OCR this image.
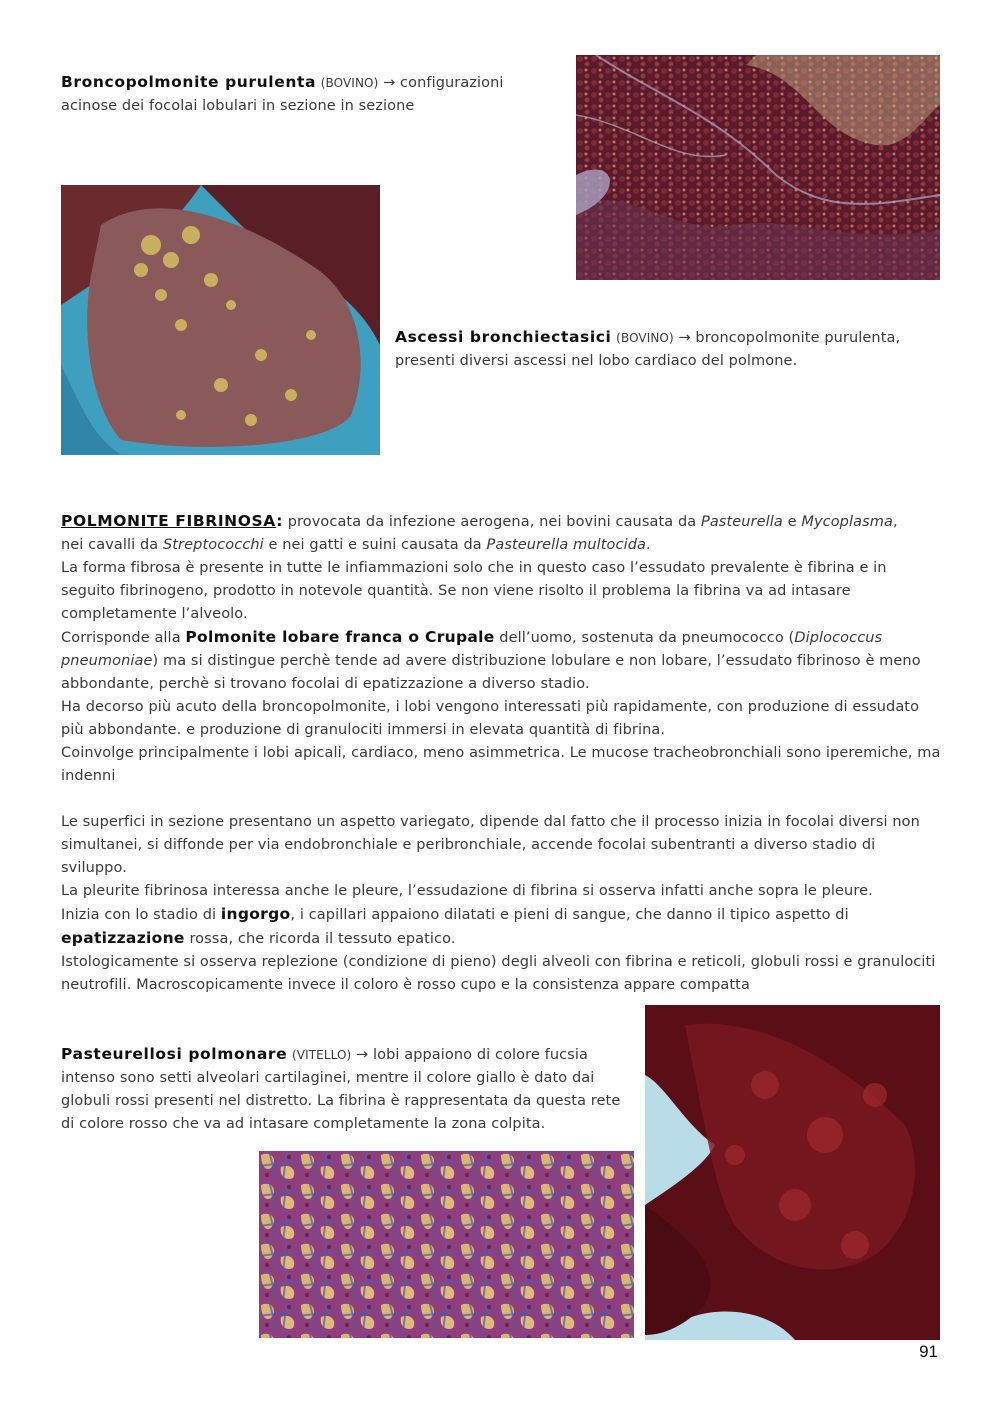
Broncopolmonite purulenta (BOVINO) → configurazioni
acinose dei focolai lobulari in sezione in sezione
Ascessi bronchiectasici (BOVINO) → broncopolmonite purulenta,
presenti diversi ascessi nel lobo cardiaco del polmone.

POLMONITE FIBRINOSA: provocata da infezione aerogena, nei bovini causata da Pasteurella e Mycoplasma,
nei cavalli da Streptococchi e nei gatti e suini causata da Pasteurella multocida.

La forma fibrosa è presente in tutte le infiammazioni solo che in questo caso l’essudato prevalente è fibrina e in seguito fibrinogeno, prodotto in notevole quantità. Se non viene risolto il problema la fibrina va ad intasare completamente l’alveolo.

Corrisponde alla Polmonite lobare franca o Crupale dell’uomo, sostenuta da pneumococco (Diplococcus pneumoniae) ma si distingue perchè tende ad avere distribuzione lobulare e non lobare, l’essudato fibrinoso è meno abbondante, perchè si trovano focolai di epatizzazione a diverso stadio.

Ha decorso più acuto della broncopolmonite, i lobi vengono interessati più rapidamente, con produzione di essudato più abbondante. e produzione di granulociti immersi in elevata quantità di fibrina.

Coinvolge principalmente i lobi apicali, cardiaco, meno asimmetrica. Le mucose tracheobronchiali sono iperemiche, ma indenni

Le superfici in sezione presentano un aspetto variegato, dipende dal fatto che il processo inizia in focolai diversi non simultanei, si diffonde per via endobronchiale e peribronchiale, accende focolai subentranti a diverso stadio di sviluppo.

La pleurite fibrinosa interessa anche le pleure, l’essudazione di fibrina si osserva infatti anche sopra le pleure.

Inizia con lo stadio di ingorgo, i capillari appaiono dilatati e pieni di sangue, che danno il tipico aspetto di epatizzazione rossa, che ricorda il tessuto epatico.

Istologicamente si osserva replezione (condizione di pieno) degli alveoli con fibrina e reticoli, globuli rossi e granulociti neutrofili. Macroscopicamente invece il coloro è rosso cupo e la consistenza appare compatta

Pasteurellosi polmonare (VITELLO) → lobi appaiono di colore fucsia intenso sono setti alveolari cartilaginei, mentre il colore giallo è dato dai globuli rossi presenti nel distretto. La fibrina è rappresentata da questa rete di colore rosso che va ad intasare completamente la zona colpita.
91
